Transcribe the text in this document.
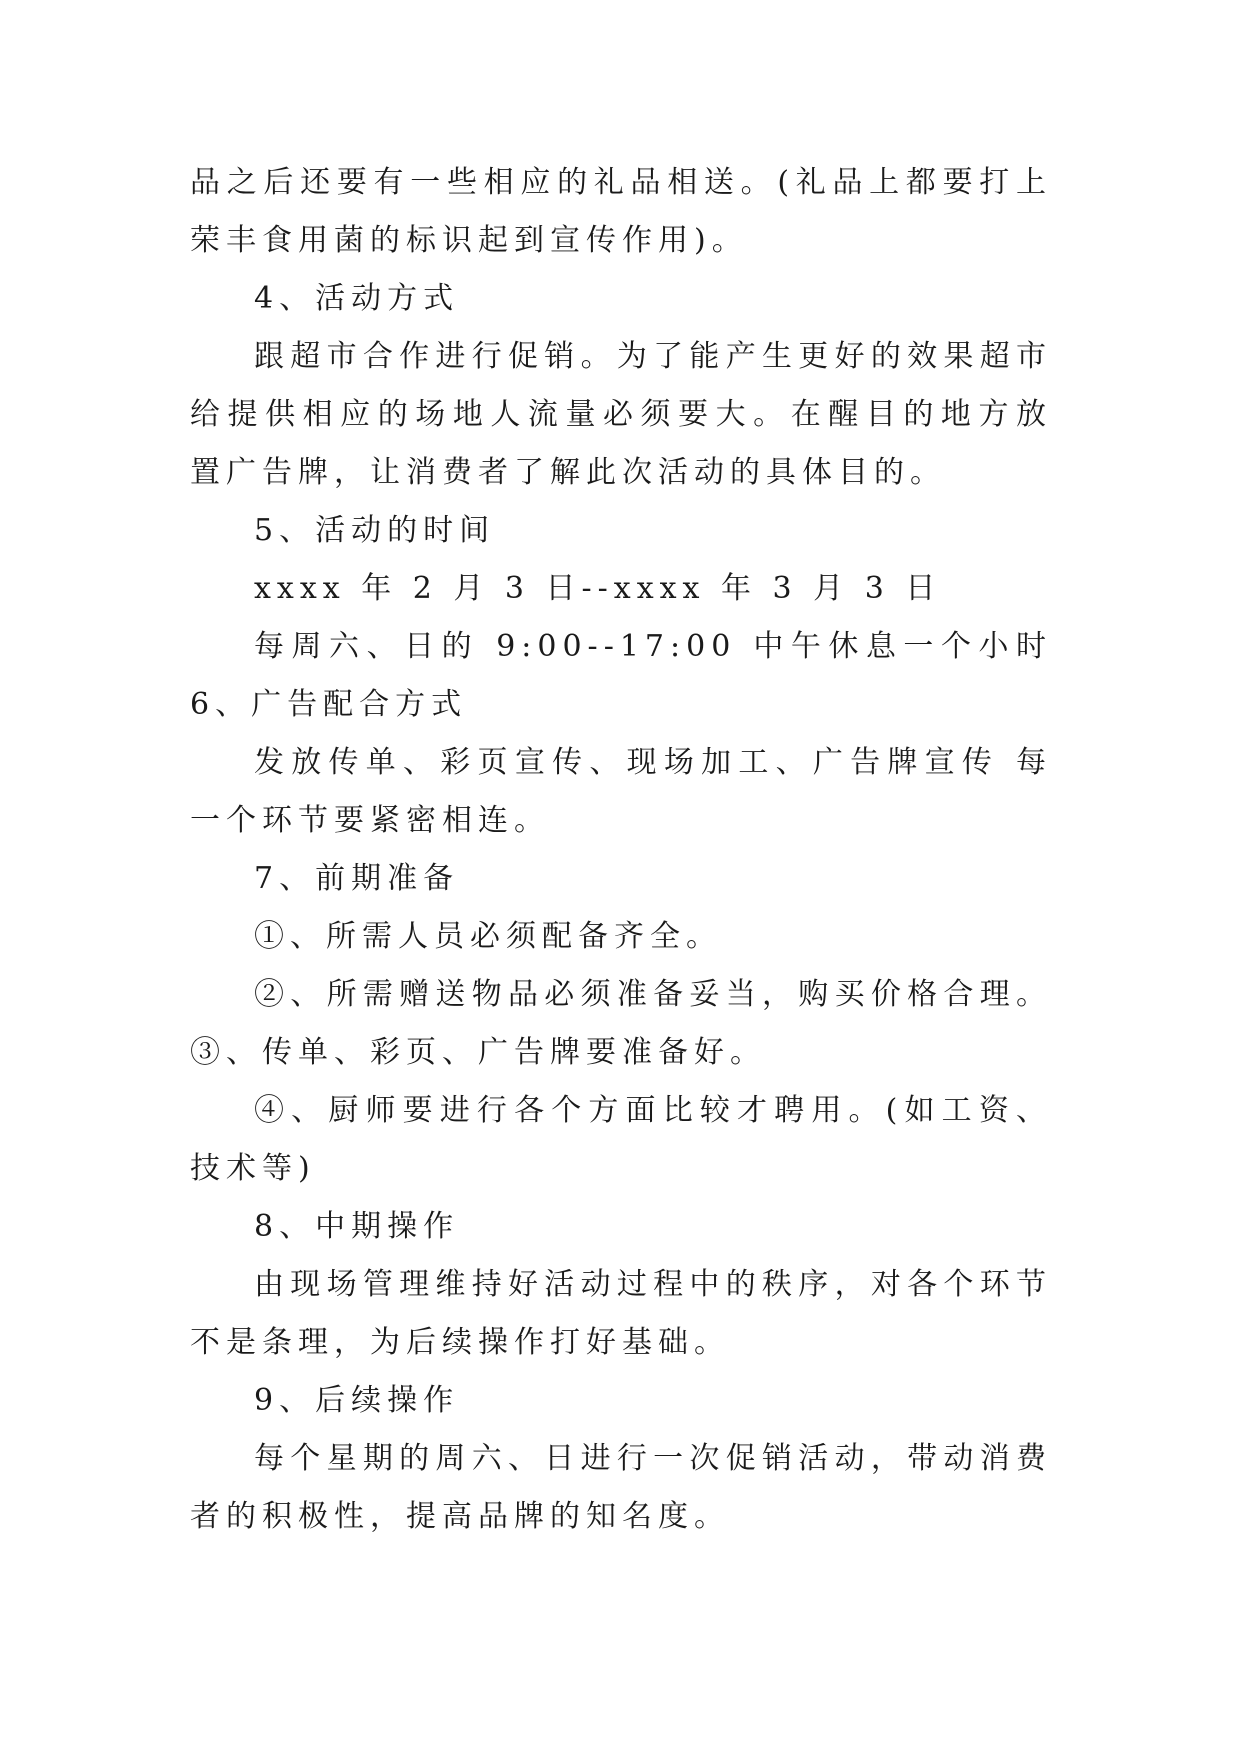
品之后还要有一些相应的礼品相送。(礼品上都要打上荣丰食用菌的标识起到宣传作用)。

4、活动方式

跟超市合作进行促销。为了能产生更好的效果超市给提供相应的场地人流量必须要大。在醒目的地方放置广告牌，让消费者了解此次活动的具体目的。

5、活动的时间

xxxx 年 2 月 3 日--xxxx 年 3 月 3 日

每周六、日的 9:00--17:00 中午休息一个小时 6、广告配合方式

发放传单、彩页宣传、现场加工、广告牌宣传 每一个环节要紧密相连。

7、前期准备

①、所需人员必须配备齐全。

②、所需赠送物品必须准备妥当，购买价格合理。 ③、传单、彩页、广告牌要准备好。

④、厨师要进行各个方面比较才聘用。(如工资、技术等)

8、中期操作

由现场管理维持好活动过程中的秩序，对各个环节不是条理，为后续操作打好基础。

9、后续操作

每个星期的周六、日进行一次促销活动，带动消费者的积极性，提高品牌的知名度。
